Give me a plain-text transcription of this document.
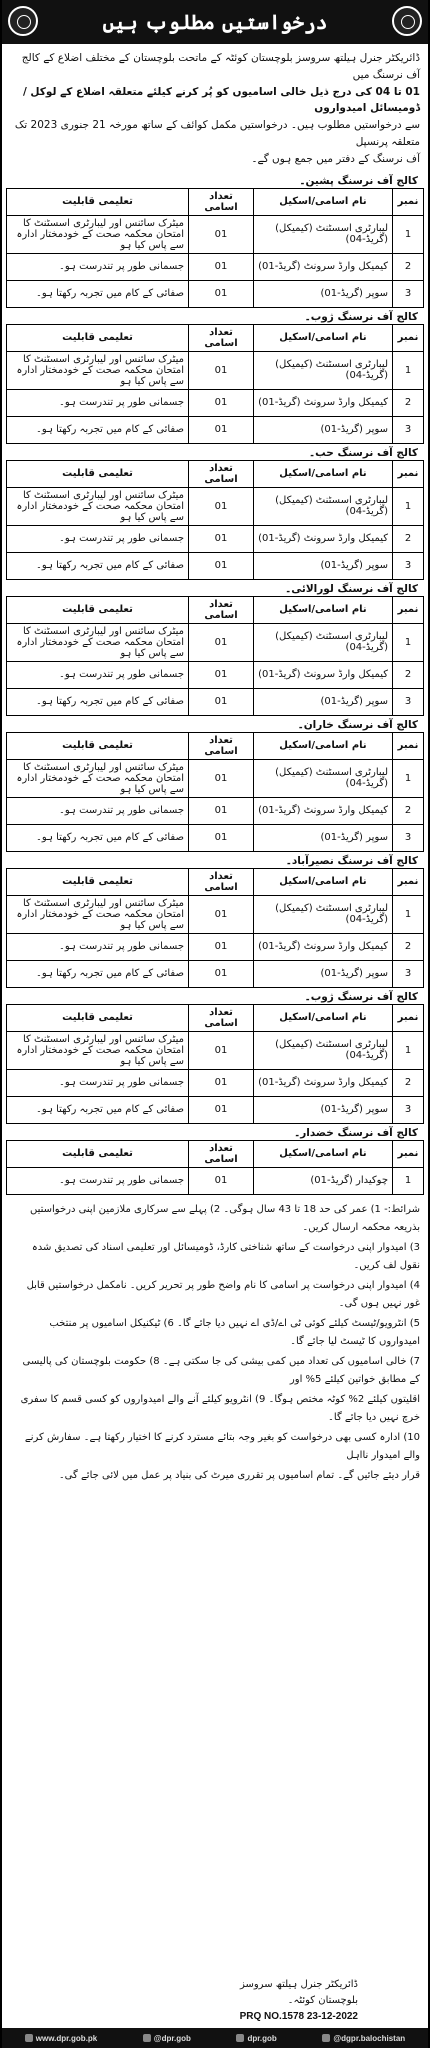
درخواستیں مطلوب ہیں

ڈائریکٹر جنرل ہیلتھ سروسز بلوچستان کوئٹہ کے ماتحت بلوچستان کے مختلف اضلاع کے کالج آف نرسنگ میں

01 تا 04 کی درج ذیل خالی اسامیوں کو پُر کرنے کیلئے متعلقہ اضلاع کے لوکل / ڈومیسائل امیدواروں

سے درخواستیں مطلوب ہیں۔ درخواستیں مکمل کوائف کے ساتھ مورخہ 21 جنوری 2023 تک متعلقہ پرنسپل

آف نرسنگ کے دفتر میں جمع ہوں گے۔

کالج آف نرسنگ پشین۔
نمبر	نام اسامی/اسکیل	تعداد اسامی	تعلیمی قابلیت
1	لیبارٹری اسسٹنٹ (کیمیکل) (گریڈ-04)	01	میٹرک سائنس اور لیبارٹری اسسٹنٹ کا امتحان محکمہ صحت کے خودمختار ادارہ سے پاس کیا ہو
2	کیمیکل وارڈ سرونٹ (گریڈ-01)	01	جسمانی طور پر تندرست ہو۔
3	سوپر (گریڈ-01)	01	صفائی کے کام میں تجربہ رکھتا ہو۔
کالج آف نرسنگ ژوب۔
نمبر	نام اسامی/اسکیل	تعداد اسامی	تعلیمی قابلیت
1	لیبارٹری اسسٹنٹ (کیمیکل) (گریڈ-04)	01	میٹرک سائنس اور لیبارٹری اسسٹنٹ کا امتحان محکمہ صحت کے خودمختار ادارہ سے پاس کیا ہو
2	کیمیکل وارڈ سرونٹ (گریڈ-01)	01	جسمانی طور پر تندرست ہو۔
3	سوپر (گریڈ-01)	01	صفائی کے کام میں تجربہ رکھتا ہو۔
کالج آف نرسنگ حب۔
نمبر	نام اسامی/اسکیل	تعداد اسامی	تعلیمی قابلیت
1	لیبارٹری اسسٹنٹ (کیمیکل) (گریڈ-04)	01	میٹرک سائنس اور لیبارٹری اسسٹنٹ کا امتحان محکمہ صحت کے خودمختار ادارہ سے پاس کیا ہو
2	کیمیکل وارڈ سرونٹ (گریڈ-01)	01	جسمانی طور پر تندرست ہو۔
3	سوپر (گریڈ-01)	01	صفائی کے کام میں تجربہ رکھتا ہو۔
کالج آف نرسنگ لورالائی۔
نمبر	نام اسامی/اسکیل	تعداد اسامی	تعلیمی قابلیت
1	لیبارٹری اسسٹنٹ (کیمیکل) (گریڈ-04)	01	میٹرک سائنس اور لیبارٹری اسسٹنٹ کا امتحان محکمہ صحت کے خودمختار ادارہ سے پاس کیا ہو
2	کیمیکل وارڈ سرونٹ (گریڈ-01)	01	جسمانی طور پر تندرست ہو۔
3	سوپر (گریڈ-01)	01	صفائی کے کام میں تجربہ رکھتا ہو۔
کالج آف نرسنگ خاران۔
نمبر	نام اسامی/اسکیل	تعداد اسامی	تعلیمی قابلیت
1	لیبارٹری اسسٹنٹ (کیمیکل) (گریڈ-04)	01	میٹرک سائنس اور لیبارٹری اسسٹنٹ کا امتحان محکمہ صحت کے خودمختار ادارہ سے پاس کیا ہو
2	کیمیکل وارڈ سرونٹ (گریڈ-01)	01	جسمانی طور پر تندرست ہو۔
3	سوپر (گریڈ-01)	01	صفائی کے کام میں تجربہ رکھتا ہو۔
کالج آف نرسنگ نصیرآباد۔
نمبر	نام اسامی/اسکیل	تعداد اسامی	تعلیمی قابلیت
1	لیبارٹری اسسٹنٹ (کیمیکل) (گریڈ-04)	01	میٹرک سائنس اور لیبارٹری اسسٹنٹ کا امتحان محکمہ صحت کے خودمختار ادارہ سے پاس کیا ہو
2	کیمیکل وارڈ سرونٹ (گریڈ-01)	01	جسمانی طور پر تندرست ہو۔
3	سوپر (گریڈ-01)	01	صفائی کے کام میں تجربہ رکھتا ہو۔
کالج آف نرسنگ ژوب۔
نمبر	نام اسامی/اسکیل	تعداد اسامی	تعلیمی قابلیت
1	لیبارٹری اسسٹنٹ (کیمیکل) (گریڈ-04)	01	میٹرک سائنس اور لیبارٹری اسسٹنٹ کا امتحان محکمہ صحت کے خودمختار ادارہ سے پاس کیا ہو
2	کیمیکل وارڈ سرونٹ (گریڈ-01)	01	جسمانی طور پر تندرست ہو۔
3	سوپر (گریڈ-01)	01	صفائی کے کام میں تجربہ رکھتا ہو۔
کالج آف نرسنگ خضدار۔
نمبر	نام اسامی/اسکیل	تعداد اسامی	تعلیمی قابلیت
1	چوکیدار (گریڈ-01)	01	جسمانی طور پر تندرست ہو۔

شرائط:- 1) عمر کی حد 18 تا 43 سال ہوگی۔ 2) پہلے سے سرکاری ملازمین اپنی درخواستیں بذریعہ محکمہ ارسال کریں۔

3) امیدوار اپنی درخواست کے ساتھ شناختی کارڈ، ڈومیسائل اور تعلیمی اسناد کی تصدیق شدہ نقول لف کریں۔

4) امیدوار اپنی درخواست پر اسامی کا نام واضح طور پر تحریر کریں۔ نامکمل درخواستیں قابل غور نہیں ہوں گی۔

5) انٹرویو/ٹیسٹ کیلئے کوئی ٹی اے/ڈی اے نہیں دیا جائے گا۔ 6) ٹیکنیکل اسامیوں پر منتخب امیدواروں کا ٹیسٹ لیا جائے گا۔

7) خالی اسامیوں کی تعداد میں کمی بیشی کی جا سکتی ہے۔ 8) حکومت بلوچستان کی پالیسی کے مطابق خواتین کیلئے 5% اور

اقلیتوں کیلئے 2% کوٹہ مختص ہوگا۔ 9) انٹرویو کیلئے آنے والے امیدواروں کو کسی قسم کا سفری خرچ نہیں دیا جائے گا۔

10) ادارہ کسی بھی درخواست کو بغیر وجہ بتائے مسترد کرنے کا اختیار رکھتا ہے۔ سفارش کرنے والے امیدوار نااہل

قرار دیئے جائیں گے۔ تمام اسامیوں پر تقرری میرٹ کی بنیاد پر عمل میں لائی جائے گی۔

ڈائریکٹر جنرل ہیلتھ سروسز
بلوچستان کوئٹہ۔
PRQ NO.1578 23-12-2022
www.dpr.gob.pk	@dpr.gob	dpr.gob	@dgpr.balochistan
